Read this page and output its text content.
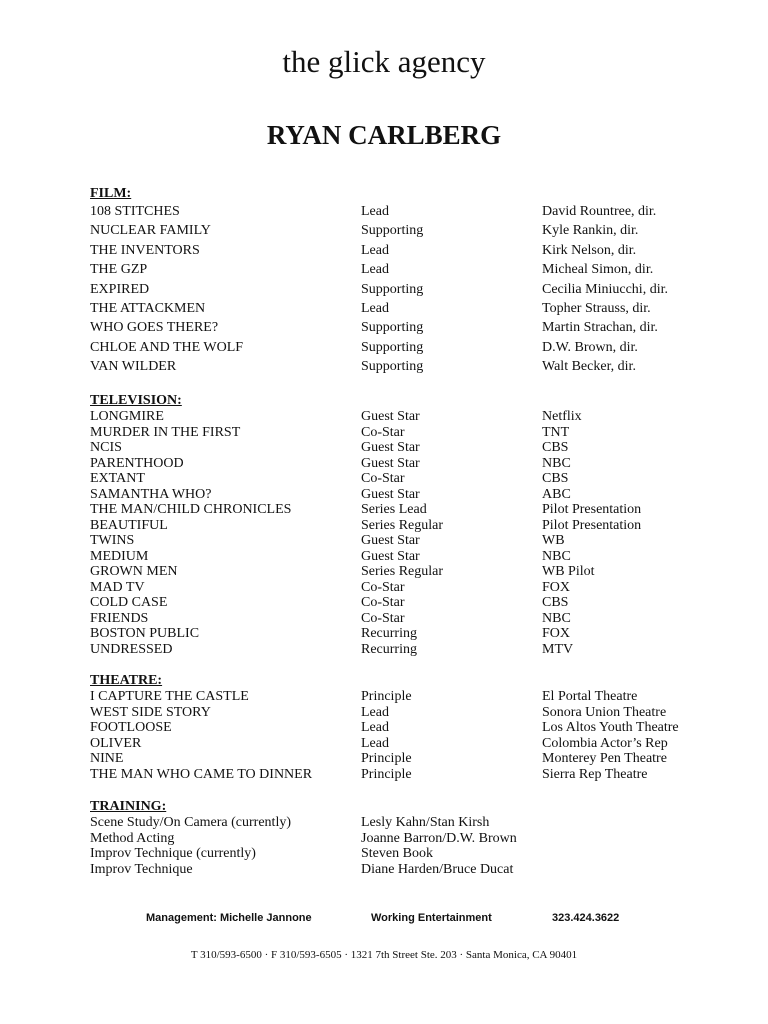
the glick agency
RYAN CARLBERG
FILM:
108 STITCHES	Lead	David Rountree, dir.
NUCLEAR FAMILY	Supporting	Kyle Rankin, dir.
THE INVENTORS	Lead	Kirk Nelson, dir.
THE GZP	Lead	Micheal Simon, dir.
EXPIRED	Supporting	Cecilia Miniucchi, dir.
THE ATTACKMEN	Lead	Topher Strauss, dir.
WHO GOES THERE?	Supporting	Martin Strachan, dir.
CHLOE AND THE WOLF	Supporting	D.W. Brown, dir.
VAN WILDER	Supporting	Walt Becker, dir.
TELEVISION:
LONGMIRE	Guest Star	Netflix
MURDER IN THE FIRST	Co-Star	TNT
NCIS	Guest Star	CBS
PARENTHOOD	Guest Star	NBC
EXTANT	Co-Star	CBS
SAMANTHA WHO?	Guest Star	ABC
THE MAN/CHILD CHRONICLES	Series Lead	Pilot Presentation
BEAUTIFUL	Series Regular	Pilot Presentation
TWINS	Guest Star	WB
MEDIUM	Guest Star	NBC
GROWN MEN	Series Regular	WB Pilot
MAD TV	Co-Star	FOX
COLD CASE	Co-Star	CBS
FRIENDS	Co-Star	NBC
BOSTON PUBLIC	Recurring	FOX
UNDRESSED	Recurring	MTV
THEATRE:
I CAPTURE THE CASTLE	Principle	El Portal Theatre
WEST SIDE STORY	Lead	Sonora Union Theatre
FOOTLOOSE	Lead	Los Altos Youth Theatre
OLIVER	Lead	Colombia Actor’s Rep
NINE	Principle	Monterey Pen Theatre
THE MAN WHO CAME TO DINNER	Principle	Sierra Rep Theatre
TRAINING:
Scene Study/On Camera (currently)	Lesly Kahn/Stan Kirsh
Method Acting	Joanne Barron/D.W. Brown
Improv Technique (currently)	Steven Book
Improv Technique	Diane Harden/Bruce Ducat
Management: Michelle Jannone	Working Entertainment	323.424.3622
T 310/593-6500 · F 310/593-6505 · 1321 7th Street Ste. 203 · Santa Monica, CA 90401
